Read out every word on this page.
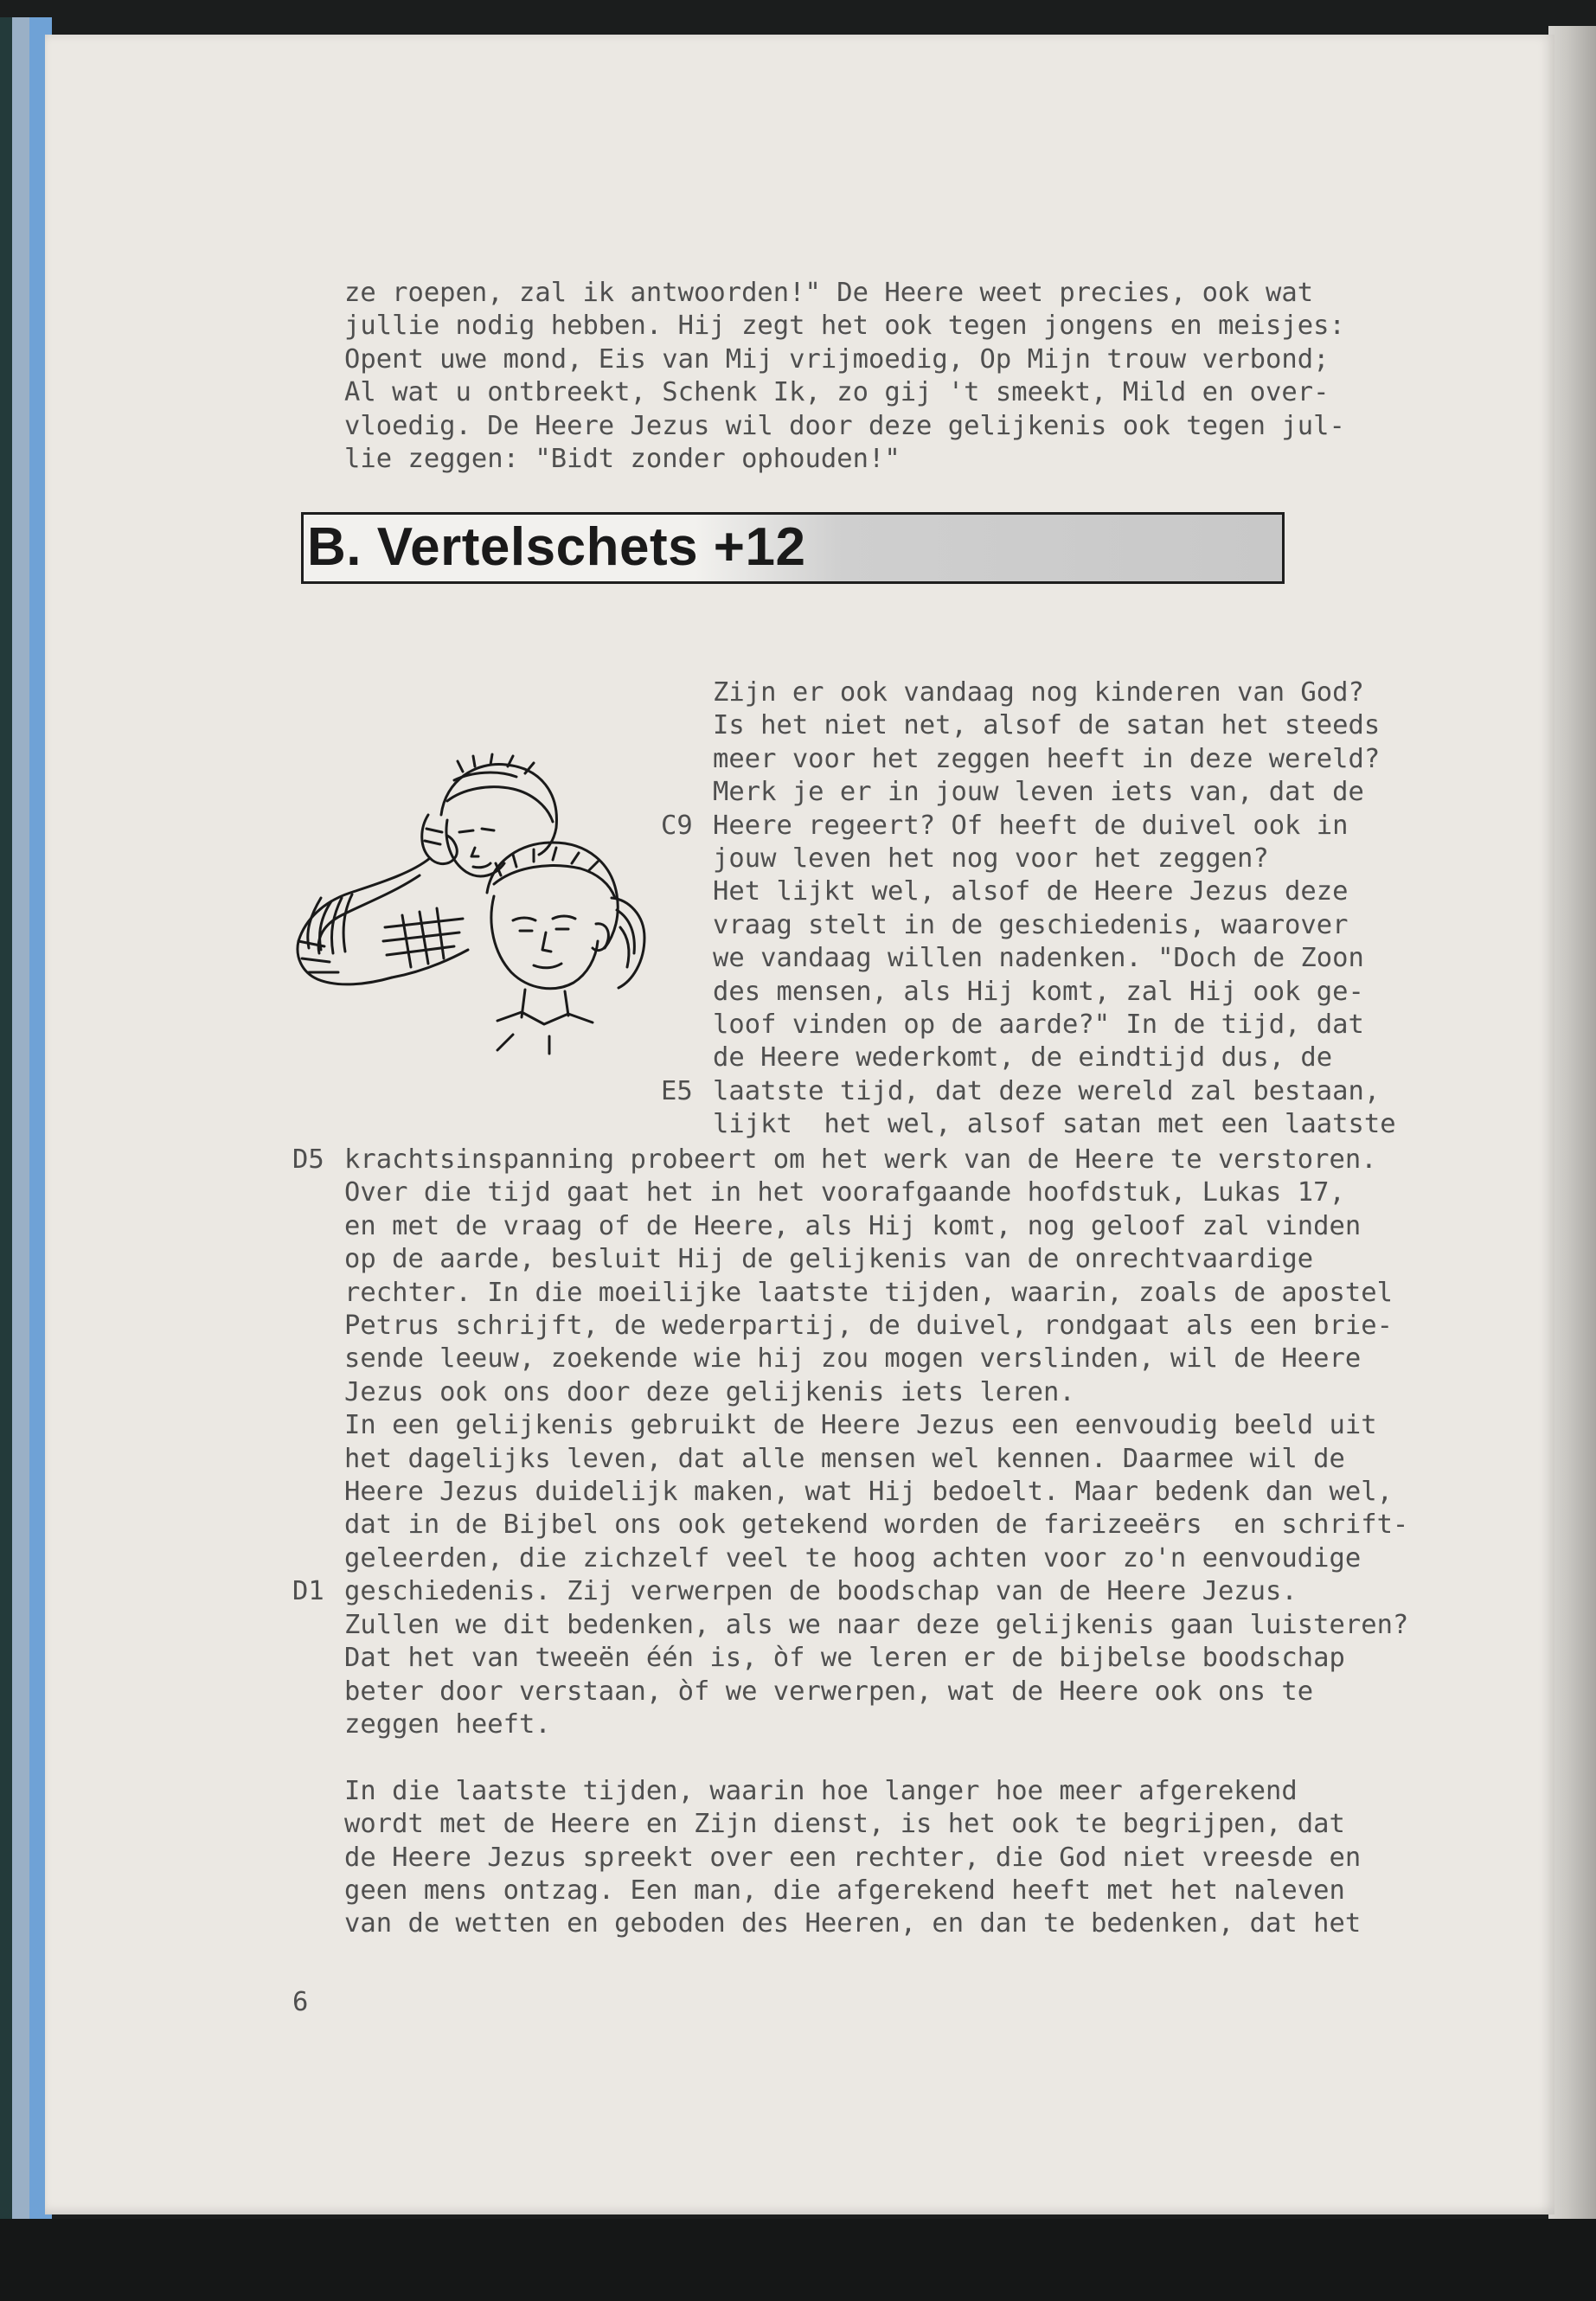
ze roepen, zal ik antwoorden!" De Heere weet precies, ook wat
jullie nodig hebben. Hij zegt het ook tegen jongens en meisjes:
Opent uwe mond, Eis van Mij vrijmoedig, Op Mijn trouw verbond;
Al wat u ontbreekt, Schenk Ik, zo gij 't smeekt, Mild en over-
vloedig. De Heere Jezus wil door deze gelijkenis ook tegen jul-
lie zeggen: "Bidt zonder ophouden!"
B. Vertelschets +12
Zijn er ook vandaag nog kinderen van God?
Is het niet net, alsof de satan het steeds
meer voor het zeggen heeft in deze wereld?
Merk je er in jouw leven iets van, dat de
Heere regeert? Of heeft de duivel ook in
jouw leven het nog voor het zeggen?
Het lijkt wel, alsof de Heere Jezus deze
vraag stelt in de geschiedenis, waarover
we vandaag willen nadenken. "Doch de Zoon
des mensen, als Hij komt, zal Hij ook ge-
loof vinden op de aarde?" In de tijd, dat
de Heere wederkomt, de eindtijd dus, de
laatste tijd, dat deze wereld zal bestaan,
lijkt  het wel, alsof satan met een laatste
krachtsinspanning probeert om het werk van de Heere te verstoren.
Over die tijd gaat het in het voorafgaande hoofdstuk, Lukas 17,
en met de vraag of de Heere, als Hij komt, nog geloof zal vinden
op de aarde, besluit Hij de gelijkenis van de onrechtvaardige
rechter. In die moeilijke laatste tijden, waarin, zoals de apostel
Petrus schrijft, de wederpartij, de duivel, rondgaat als een brie-
sende leeuw, zoekende wie hij zou mogen verslinden, wil de Heere
Jezus ook ons door deze gelijkenis iets leren.
In een gelijkenis gebruikt de Heere Jezus een eenvoudig beeld uit
het dagelijks leven, dat alle mensen wel kennen. Daarmee wil de
Heere Jezus duidelijk maken, wat Hij bedoelt. Maar bedenk dan wel,
dat in de Bijbel ons ook getekend worden de farizeeërs  en schrift-
geleerden, die zichzelf veel te hoog achten voor zo'n eenvoudige
geschiedenis. Zij verwerpen de boodschap van de Heere Jezus.
Zullen we dit bedenken, als we naar deze gelijkenis gaan luisteren?
Dat het van tweeën één is, òf we leren er de bijbelse boodschap
beter door verstaan, òf we verwerpen, wat de Heere ook ons te
zeggen heeft.
In die laatste tijden, waarin hoe langer hoe meer afgerekend
wordt met de Heere en Zijn dienst, is het ook te begrijpen, dat
de Heere Jezus spreekt over een rechter, die God niet vreesde en
geen mens ontzag. Een man, die afgerekend heeft met het naleven
van de wetten en geboden des Heeren, en dan te bedenken, dat het
C9
E5
D5
D1
6
